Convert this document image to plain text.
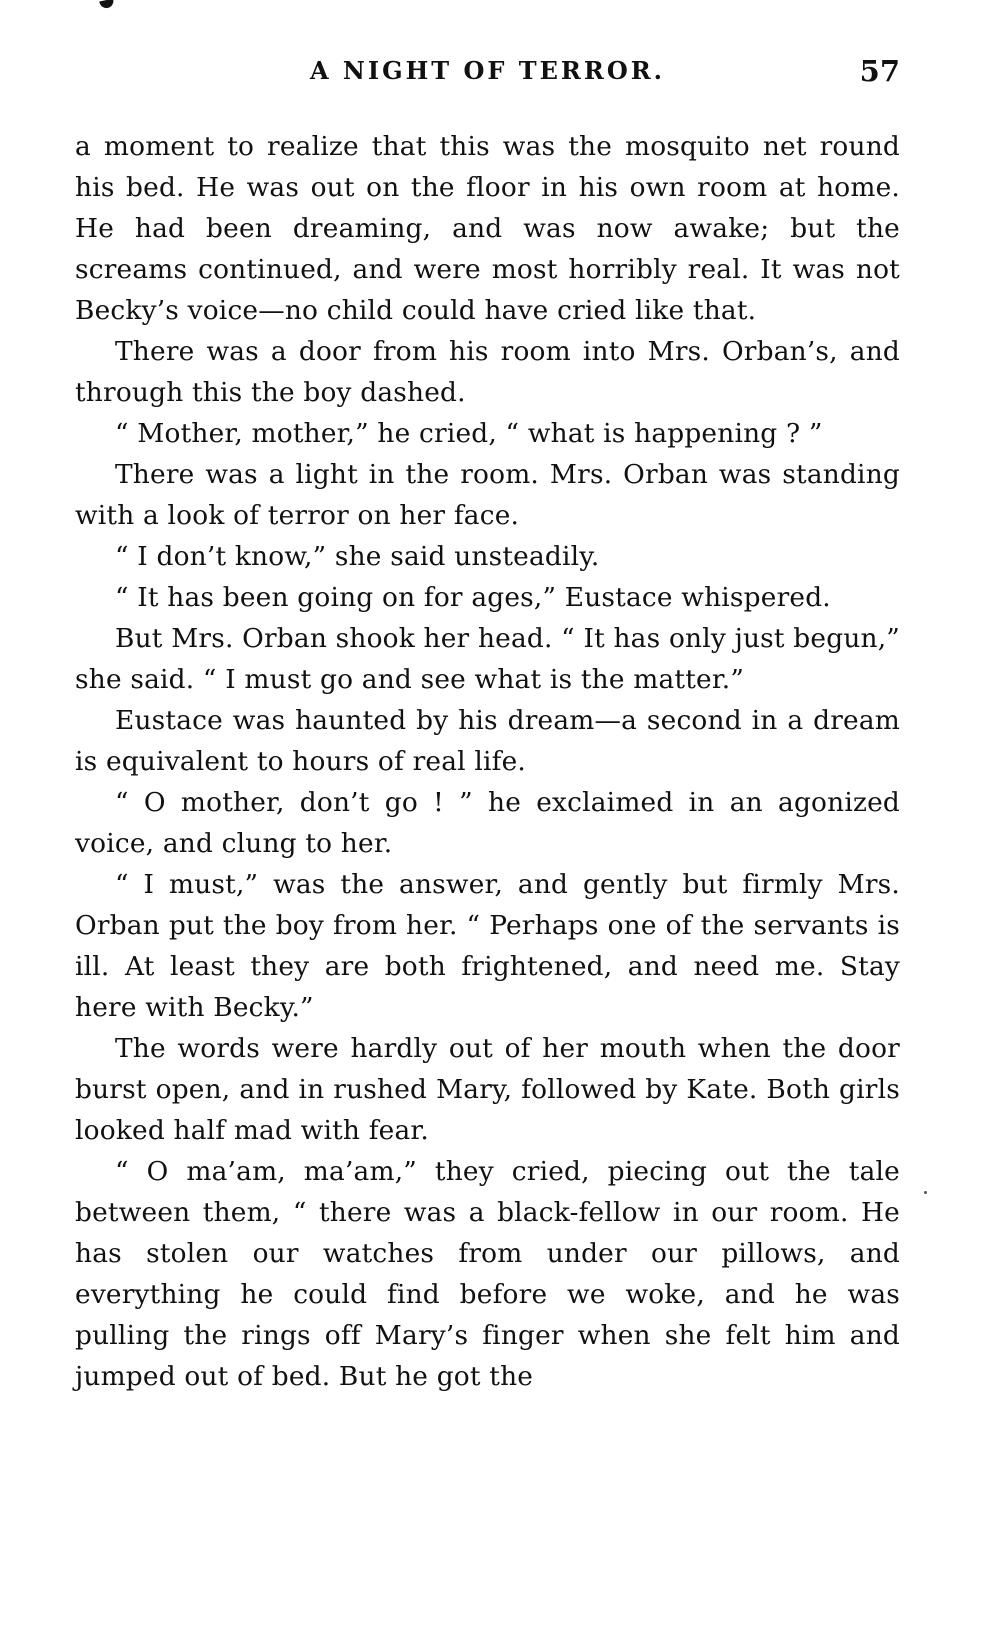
A NIGHT OF TERROR.	57

a moment to realize that this was the mosquito net round his bed. He was out on the floor in his own room at home. He had been dreaming, and was now awake; but the screams continued, and were most horribly real. It was not Becky’s voice—no child could have cried like that.

There was a door from his room into Mrs. Orban’s, and through this the boy dashed.

“ Mother, mother,” he cried, “ what is happening ? ”

There was a light in the room. Mrs. Orban was standing with a look of terror on her face.

“ I don’t know,” she said unsteadily.

“ It has been going on for ages,” Eustace whispered.

But Mrs. Orban shook her head. “ It has only just begun,” she said. “ I must go and see what is the matter.”

Eustace was haunted by his dream—a second in a dream is equivalent to hours of real life.

“ O mother, don’t go ! ” he exclaimed in an agonized voice, and clung to her.

“ I must,” was the answer, and gently but firmly Mrs. Orban put the boy from her. “ Perhaps one of the servants is ill. At least they are both frightened, and need me. Stay here with Becky.”

The words were hardly out of her mouth when the door burst open, and in rushed Mary, followed by Kate. Both girls looked half mad with fear.

“ O ma’am, ma’am,” they cried, piecing out the tale between them, “ there was a black-fellow in our room. He has stolen our watches from under our pillows, and everything he could find before we woke, and he was pulling the rings off Mary’s finger when she felt him and jumped out of bed. But he got the
